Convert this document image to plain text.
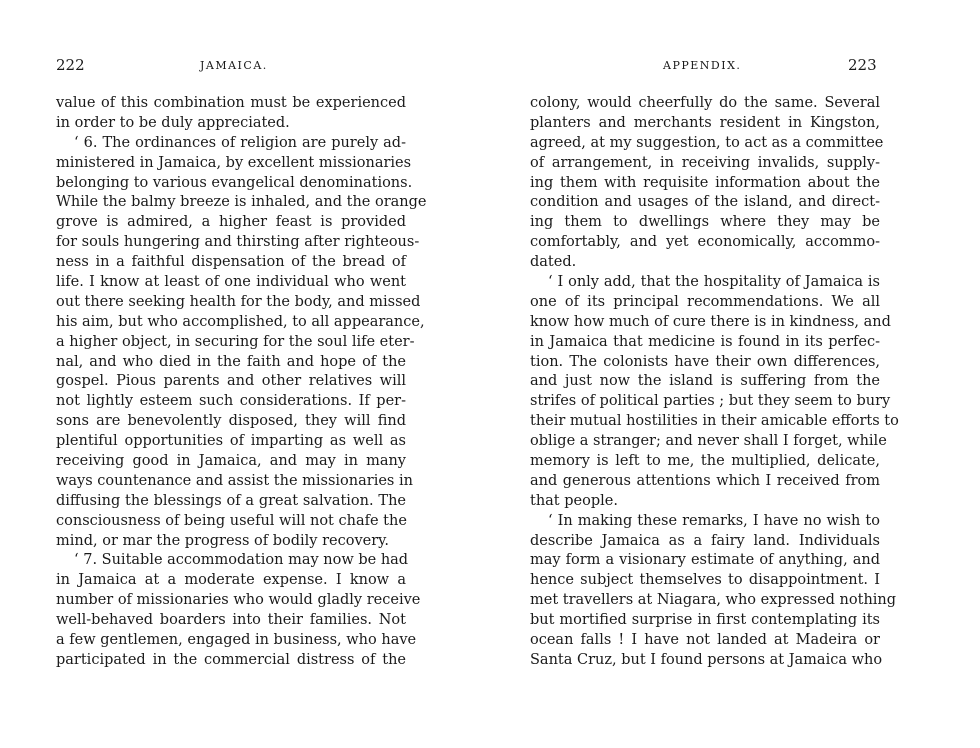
222	JAMAICA.
value of this combination must be experienced
in order to be duly appreciated.
‘ 6. The ordinances of religion are purely ad-
ministered in Jamaica, by excellent missionaries
belonging to various evangelical denominations.
While the balmy breeze is inhaled, and the orange
grove is admired, a higher feast is provided
for souls hungering and thirsting after righteous-
ness in a faithful dispensation of the bread of
life. I know at least of one individual who went
out there seeking health for the body, and missed
his aim, but who accomplished, to all appearance,
a higher object, in securing for the soul life eter-
nal, and who died in the faith and hope of the
gospel. Pious parents and other relatives will
not lightly esteem such considerations. If per-
sons are benevolently disposed, they will find
plentiful opportunities of imparting as well as
receiving good in Jamaica, and may in many
ways countenance and assist the missionaries in
diffusing the blessings of a great salvation. The
consciousness of being useful will not chafe the
mind, or mar the progress of bodily recovery.
‘ 7. Suitable accommodation may now be had
in Jamaica at a moderate expense. I know a
number of missionaries who would gladly receive
well-behaved boarders into their families. Not
a few gentlemen, engaged in business, who have
participated in the commercial distress of the
APPENDIX.	223
colony, would cheerfully do the same. Several
planters and merchants resident in Kingston,
agreed, at my suggestion, to act as a committee
of arrangement, in receiving invalids, supply-
ing them with requisite information about the
condition and usages of the island, and direct-
ing them to dwellings where they may be
comfortably, and yet economically, accommo-
dated.
‘ I only add, that the hospitality of Jamaica is
one of its principal recommendations. We all
know how much of cure there is in kindness, and
in Jamaica that medicine is found in its perfec-
tion. The colonists have their own differences,
and just now the island is suffering from the
strifes of political parties ; but they seem to bury
their mutual hostilities in their amicable efforts to
oblige a stranger; and never shall I forget, while
memory is left to me, the multiplied, delicate,
and generous attentions which I received from
that people.
‘ In making these remarks, I have no wish to
describe Jamaica as a fairy land. Individuals
may form a visionary estimate of anything, and
hence subject themselves to disappointment. I
met travellers at Niagara, who expressed nothing
but mortified surprise in first contemplating its
ocean falls ! I have not landed at Madeira or
Santa Cruz, but I found persons at Jamaica who
